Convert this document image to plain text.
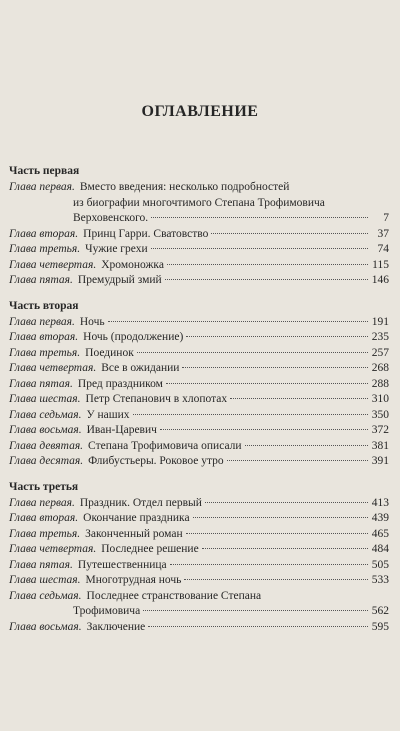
ОГЛАВЛЕНИЕ
Часть первая
Глава первая. Вместо введения: несколько подробностей
из биографии многочтимого Степана Трофимовича
Верховенского.	7
Глава вторая. Принц Гарри. Сватовство	37
Глава третья. Чужие грехи	74
Глава четвертая. Хромоножка	115
Глава пятая. Премудрый змий	146
Часть вторая
Глава первая. Ночь	191
Глава вторая. Ночь (продолжение)	235
Глава третья. Поединок	257
Глава четвертая. Все в ожидании	268
Глава пятая. Пред праздником	288
Глава шестая. Петр Степанович в хлопотах	310
Глава седьмая. У наших	350
Глава восьмая. Иван-Царевич	372
Глава девятая. Степана Трофимовича описали	381
Глава десятая. Флибустьеры. Роковое утро	391
Часть третья
Глава первая. Праздник. Отдел первый	413
Глава вторая. Окончание праздника	439
Глава третья. Законченный роман	465
Глава четвертая. Последнее решение	484
Глава пятая. Путешественница	505
Глава шестая. Многотрудная ночь	533
Глава седьмая. Последнее странствование Степана
Трофимовича	562
Глава восьмая. Заключение	595
